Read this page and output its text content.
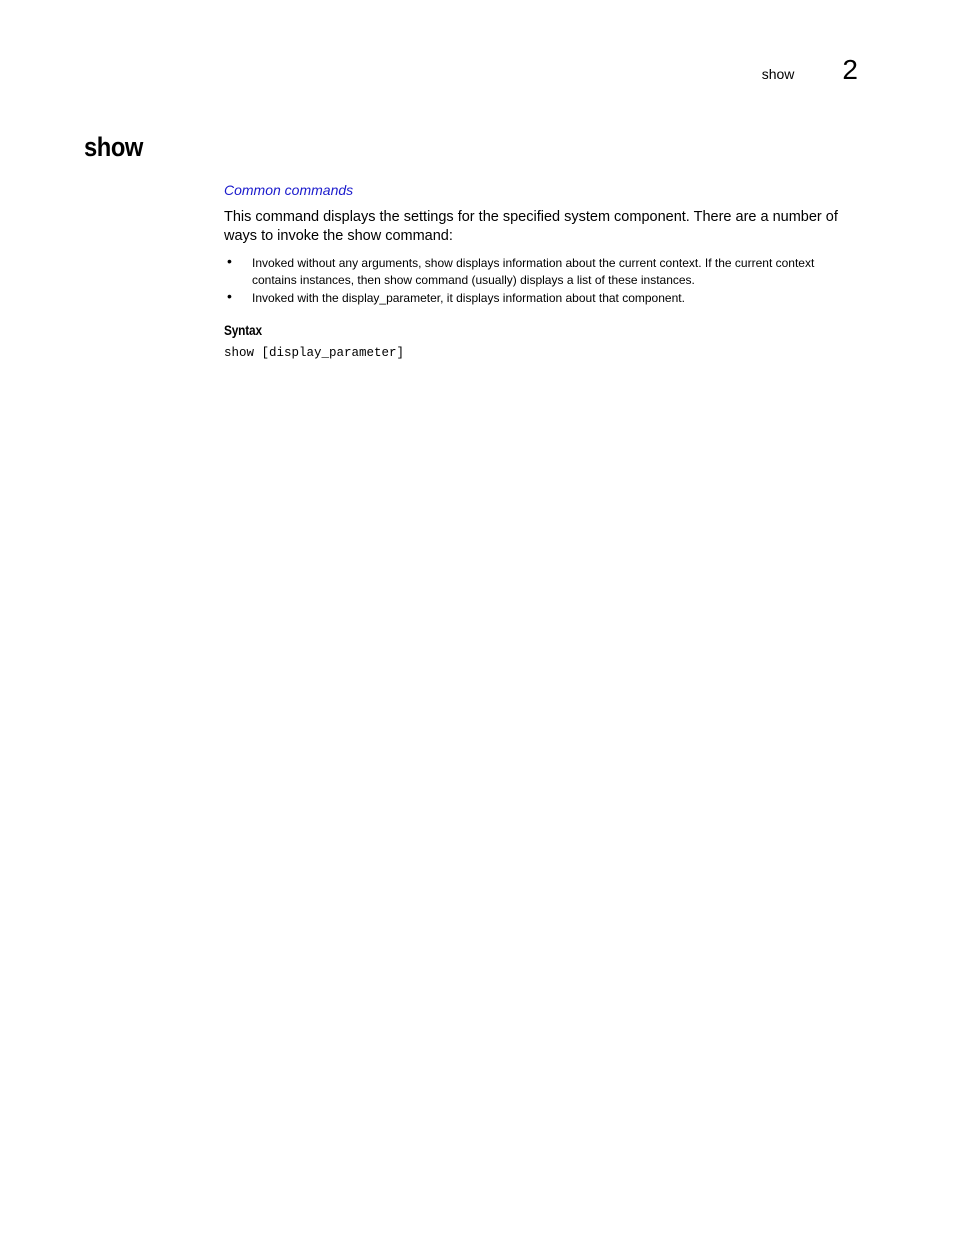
show 2
show
Common commands

This command displays the settings for the specified system component. There are a number of ways to invoke the show command:

• Invoked without any arguments, show displays information about the current context. If the current context contains instances, then show command (usually) displays a list of these instances.
• Invoked with the display_parameter, it displays information about that component.
Syntax

show [display_parameter]
